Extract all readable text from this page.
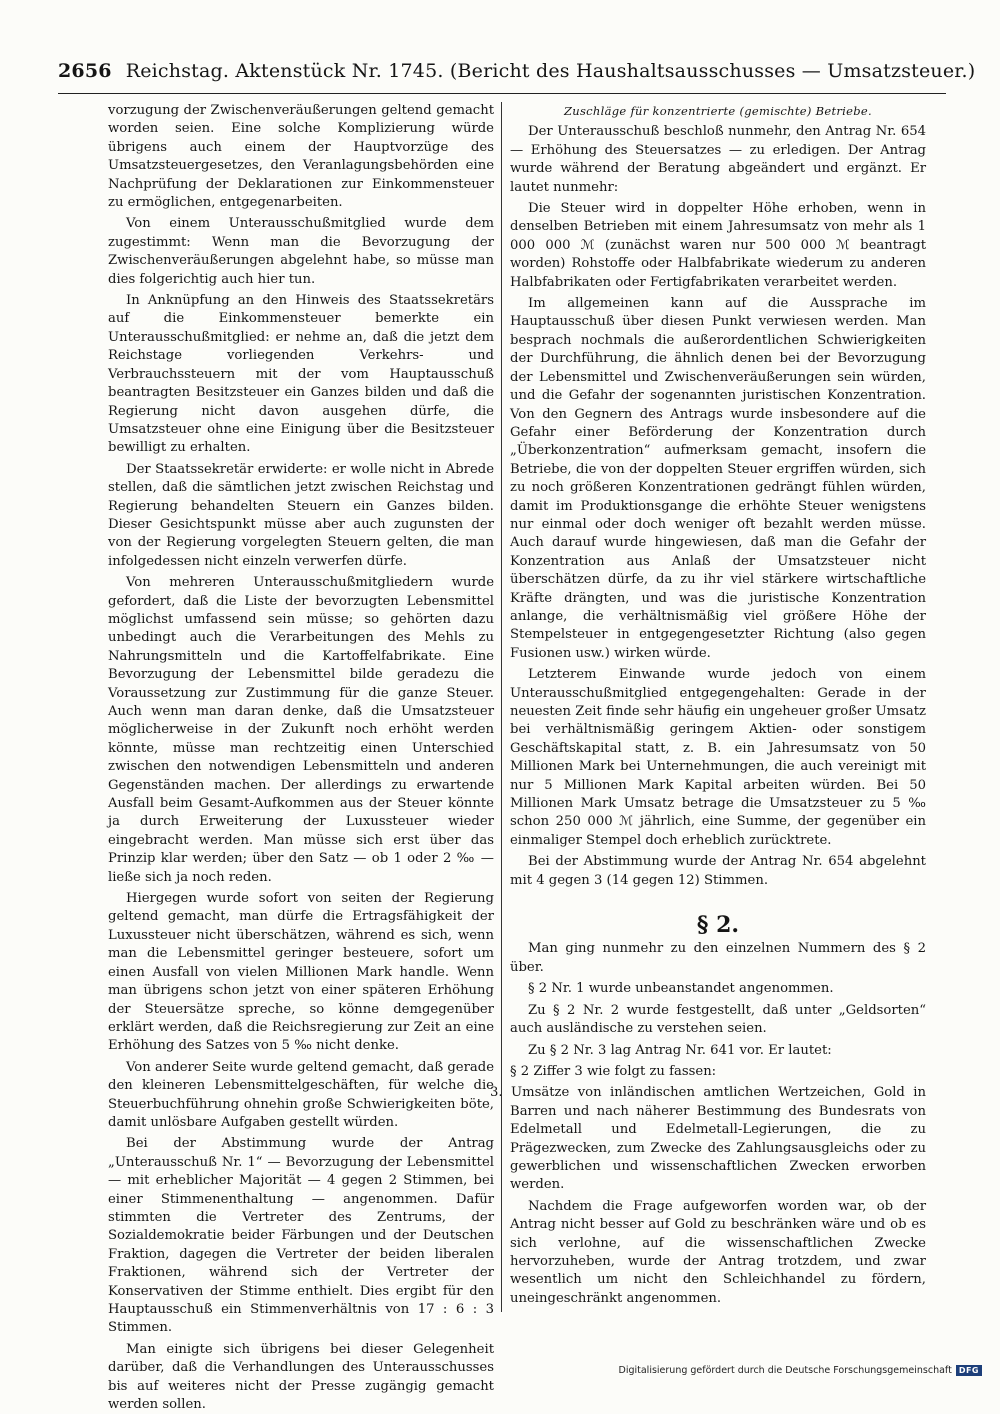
2656 Reichstag. Aktenstück Nr. 1745. (Bericht des Haushaltsausschusses — Umsatzsteuer.)

vorzugung der Zwischenveräußerungen geltend gemacht worden seien. Eine solche Komplizierung würde übrigens auch einem der Hauptvorzüge des Umsatzsteuergesetzes, den Veranlagungsbehörden eine Nachprüfung der Deklarationen zur Einkommensteuer zu ermöglichen, entgegenarbeiten.

Von einem Unterausschußmitglied wurde dem zugestimmt: Wenn man die Bevorzugung der Zwischenveräußerungen abgelehnt habe, so müsse man dies folgerichtig auch hier tun.

In Anknüpfung an den Hinweis des Staatssekretärs auf die Einkommensteuer bemerkte ein Unterausschußmitglied: er nehme an, daß die jetzt dem Reichstage vorliegenden Verkehrs- und Verbrauchssteuern mit der vom Hauptausschuß beantragten Besitzsteuer ein Ganzes bilden und daß die Regierung nicht davon ausgehen dürfe, die Umsatzsteuer ohne eine Einigung über die Besitzsteuer bewilligt zu erhalten.

Der Staatssekretär erwiderte: er wolle nicht in Abrede stellen, daß die sämtlichen jetzt zwischen Reichstag und Regierung behandelten Steuern ein Ganzes bilden. Dieser Gesichtspunkt müsse aber auch zugunsten der von der Regierung vorgelegten Steuern gelten, die man infolgedessen nicht einzeln verwerfen dürfe.

Von mehreren Unterausschußmitgliedern wurde gefordert, daß die Liste der bevorzugten Lebensmittel möglichst umfassend sein müsse; so gehörten dazu unbedingt auch die Verarbeitungen des Mehls zu Nahrungsmitteln und die Kartoffelfabrikate. Eine Bevorzugung der Lebensmittel bilde geradezu die Voraussetzung zur Zustimmung für die ganze Steuer. Auch wenn man daran denke, daß die Umsatzsteuer möglicherweise in der Zukunft noch erhöht werden könnte, müsse man rechtzeitig einen Unterschied zwischen den notwendigen Lebensmitteln und anderen Gegenständen machen. Der allerdings zu erwartende Ausfall beim Gesamt-Aufkommen aus der Steuer könnte ja durch Erweiterung der Luxussteuer wieder eingebracht werden. Man müsse sich erst über das Prinzip klar werden; über den Satz — ob 1 oder 2 ‰ — ließe sich ja noch reden.

Hiergegen wurde sofort von seiten der Regierung geltend gemacht, man dürfe die Ertragsfähigkeit der Luxussteuer nicht überschätzen, während es sich, wenn man die Lebensmittel geringer besteuere, sofort um einen Ausfall von vielen Millionen Mark handle. Wenn man übrigens schon jetzt von einer späteren Erhöhung der Steuersätze spreche, so könne demgegenüber erklärt werden, daß die Reichsregierung zur Zeit an eine Erhöhung des Satzes von 5 ‰ nicht denke.

Von anderer Seite wurde geltend gemacht, daß gerade den kleineren Lebensmittelgeschäften, für welche die Steuerbuchführung ohnehin große Schwierigkeiten böte, damit unlösbare Aufgaben gestellt würden.

Bei der Abstimmung wurde der Antrag „Unterausschuß Nr. 1“ — Bevorzugung der Lebensmittel — mit erheblicher Majorität — 4 gegen 2 Stimmen, bei einer Stimmenenthaltung — angenommen. Dafür stimmten die Vertreter des Zentrums, der Sozialdemokratie beider Färbungen und der Deutschen Fraktion, dagegen die Vertreter der beiden liberalen Fraktionen, während sich der Vertreter der Konservativen der Stimme enthielt. Dies ergibt für den Hauptausschuß ein Stimmenverhältnis von 17 : 6 : 3 Stimmen.

Man einigte sich übrigens bei dieser Gelegenheit darüber, daß die Verhandlungen des Unterausschusses bis auf weiteres nicht der Presse zugängig gemacht werden sollen.

Zuschläge für konzentrierte (gemischte) Betriebe.

Der Unterausschuß beschloß nunmehr, den Antrag Nr. 654 — Erhöhung des Steuersatzes — zu erledigen. Der Antrag wurde während der Beratung abgeändert und ergänzt. Er lautet nunmehr:

Die Steuer wird in doppelter Höhe erhoben, wenn in denselben Betrieben mit einem Jahresumsatz von mehr als 1 000 000 ℳ (zunächst waren nur 500 000 ℳ beantragt worden) Rohstoffe oder Halbfabrikate wiederum zu anderen Halbfabrikaten oder Fertigfabrikaten verarbeitet werden.

Im allgemeinen kann auf die Aussprache im Hauptausschuß über diesen Punkt verwiesen werden. Man besprach nochmals die außerordentlichen Schwierigkeiten der Durchführung, die ähnlich denen bei der Bevorzugung der Lebensmittel und Zwischenveräußerungen sein würden, und die Gefahr der sogenannten juristischen Konzentration. Von den Gegnern des Antrags wurde insbesondere auf die Gefahr einer Beförderung der Konzentration durch „Überkonzentration“ aufmerksam gemacht, insofern die Betriebe, die von der doppelten Steuer ergriffen würden, sich zu noch größeren Konzentrationen gedrängt fühlen würden, damit im Produktionsgange die erhöhte Steuer wenigstens nur einmal oder doch weniger oft bezahlt werden müsse. Auch darauf wurde hingewiesen, daß man die Gefahr der Konzentration aus Anlaß der Umsatzsteuer nicht überschätzen dürfe, da zu ihr viel stärkere wirtschaftliche Kräfte drängten, und was die juristische Konzentration anlange, die verhältnismäßig viel größere Höhe der Stempelsteuer in entgegengesetzter Richtung (also gegen Fusionen usw.) wirken würde.

Letzterem Einwande wurde jedoch von einem Unterausschußmitglied entgegengehalten: Gerade in der neuesten Zeit finde sehr häufig ein ungeheuer großer Umsatz bei verhältnismäßig geringem Aktien- oder sonstigem Geschäftskapital statt, z. B. ein Jahresumsatz von 50 Millionen Mark bei Unternehmungen, die auch vereinigt mit nur 5 Millionen Mark Kapital arbeiten würden. Bei 50 Millionen Mark Umsatz betrage die Umsatzsteuer zu 5 ‰ schon 250 000 ℳ jährlich, eine Summe, der gegenüber ein einmaliger Stempel doch erheblich zurücktrete.

Bei der Abstimmung wurde der Antrag Nr. 654 abgelehnt mit 4 gegen 3 (14 gegen 12) Stimmen.

§ 2.

Man ging nunmehr zu den einzelnen Nummern des § 2 über.

§ 2 Nr. 1 wurde unbeanstandet angenommen.

Zu § 2 Nr. 2 wurde festgestellt, daß unter „Geldsorten“ auch ausländische zu verstehen seien.

Zu § 2 Nr. 3 lag Antrag Nr. 641 vor. Er lautet:

§ 2 Ziffer 3 wie folgt zu fassen:

3. Umsätze von inländischen amtlichen Wertzeichen, Gold in Barren und nach näherer Bestimmung des Bundesrats von Edelmetall und Edelmetall-Legierungen, die zu Prägezwecken, zum Zwecke des Zahlungsausgleichs oder zu gewerblichen und wissenschaftlichen Zwecken erworben werden.

Nachdem die Frage aufgeworfen worden war, ob der Antrag nicht besser auf Gold zu beschränken wäre und ob es sich verlohne, auf die wissenschaftlichen Zwecke hervorzuheben, wurde der Antrag trotzdem, und zwar wesentlich um nicht den Schleichhandel zu fördern, uneingeschränkt angenommen.

Digitalisierung gefördert durch die Deutsche Forschungsgemeinschaft DFG
